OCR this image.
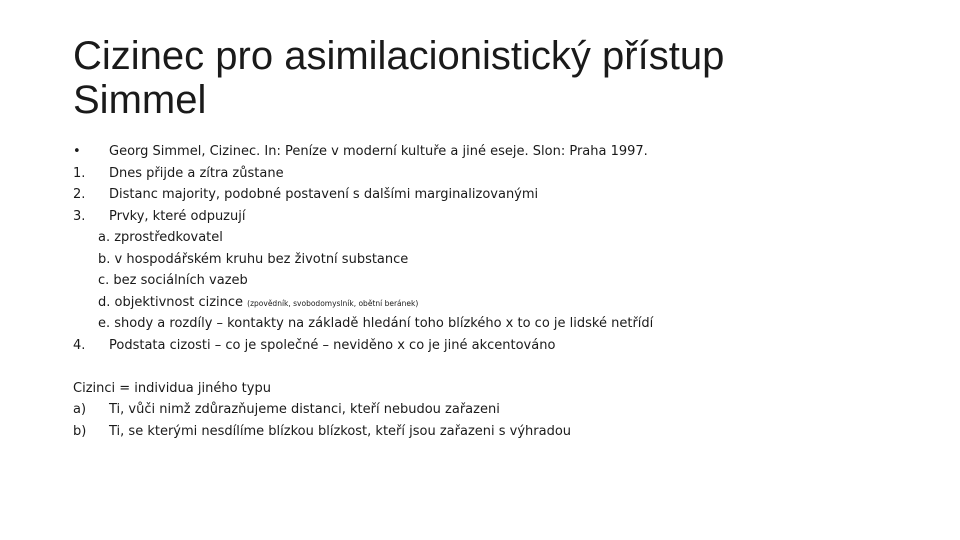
Cizinec pro asimilacionistický přístup
Simmel
• Georg Simmel, Cizinec. In: Peníze v moderní kultuře a jiné eseje. Slon: Praha 1997.
1. Dnes přijde a zítra zůstane
2. Distanc majority, podobné postavení s dalšími marginalizovanými
3. Prvky, které odpuzují
a. zprostředkovatel
b. v hospodářském kruhu bez životní substance
c. bez sociálních vazeb
d. objektivnost cizince (zpovědník, svobodomyslník, obětní beránek)
e. shody a rozdíly – kontakty na základě hledání toho blízkého x to co je lidské netřídí
4. Podstata cizosti – co je společné – neviděno x co je jiné akcentováno
Cizinci = individua jiného typu
a) Ti, vůči nimž zdůrazňujeme distanci, kteří nebudou zařazeni
b) Ti, se kterými nesdílíme blízkou blízkost, kteří jsou zařazeni s výhradou
